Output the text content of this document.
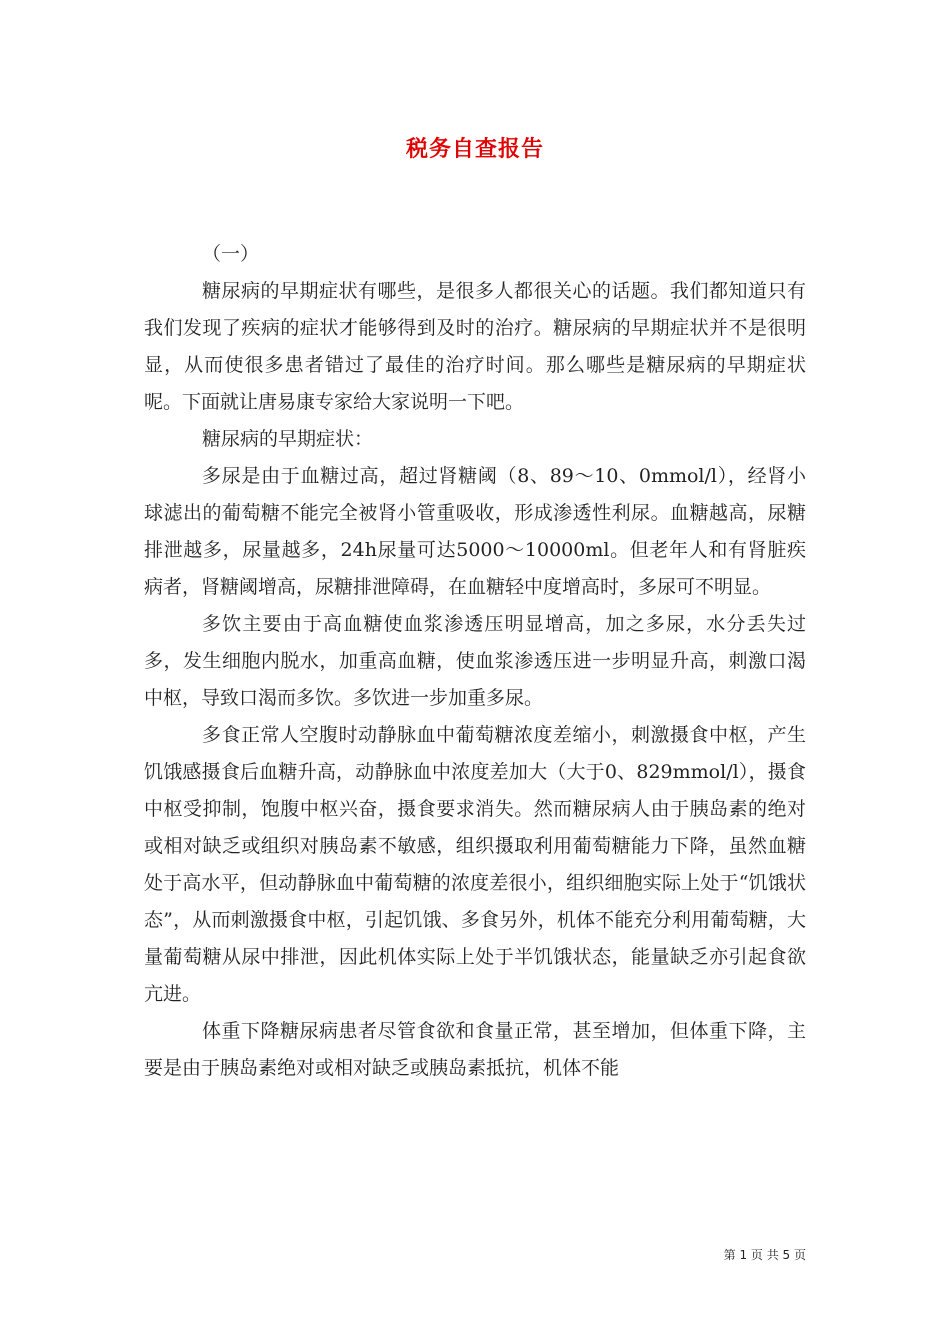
税务自查报告

（一）

糖尿病的早期症状有哪些，是很多人都很关心的话题。我们都知道只有我们发现了疾病的症状才能够得到及时的治疗。糖尿病的早期症状并不是很明显，从而使很多患者错过了最佳的治疗时间。那么哪些是糖尿病的早期症状呢。下面就让唐易康专家给大家说明一下吧。

糖尿病的早期症状：

多尿是由于血糖过高，超过肾糖阈（8、89～10、0mmol/l），经肾小球滤出的葡萄糖不能完全被肾小管重吸收，形成渗透性利尿。血糖越高，尿糖排泄越多，尿量越多，24h尿量可达5000～10000ml。但老年人和有肾脏疾病者，肾糖阈增高，尿糖排泄障碍，在血糖轻中度增高时，多尿可不明显。

多饮主要由于高血糖使血浆渗透压明显增高，加之多尿，水分丢失过多，发生细胞内脱水，加重高血糖，使血浆渗透压进一步明显升高，刺激口渴中枢，导致口渴而多饮。多饮进一步加重多尿。

多食正常人空腹时动静脉血中葡萄糖浓度差缩小，刺激摄食中枢，产生饥饿感摄食后血糖升高，动静脉血中浓度差加大（大于0、829mmol/l），摄食中枢受抑制，饱腹中枢兴奋，摄食要求消失。然而糖尿病人由于胰岛素的绝对或相对缺乏或组织对胰岛素不敏感，组织摄取利用葡萄糖能力下降，虽然血糖处于高水平，但动静脉血中葡萄糖的浓度差很小，组织细胞实际上处于“饥饿状态”，从而刺激摄食中枢，引起饥饿、多食另外，机体不能充分利用葡萄糖，大量葡萄糖从尿中排泄，因此机体实际上处于半饥饿状态，能量缺乏亦引起食欲亢进。

体重下降糖尿病患者尽管食欲和食量正常，甚至增加，但体重下降，主要是由于胰岛素绝对或相对缺乏或胰岛素抵抗，机体不能

第 1 页 共 5 页
